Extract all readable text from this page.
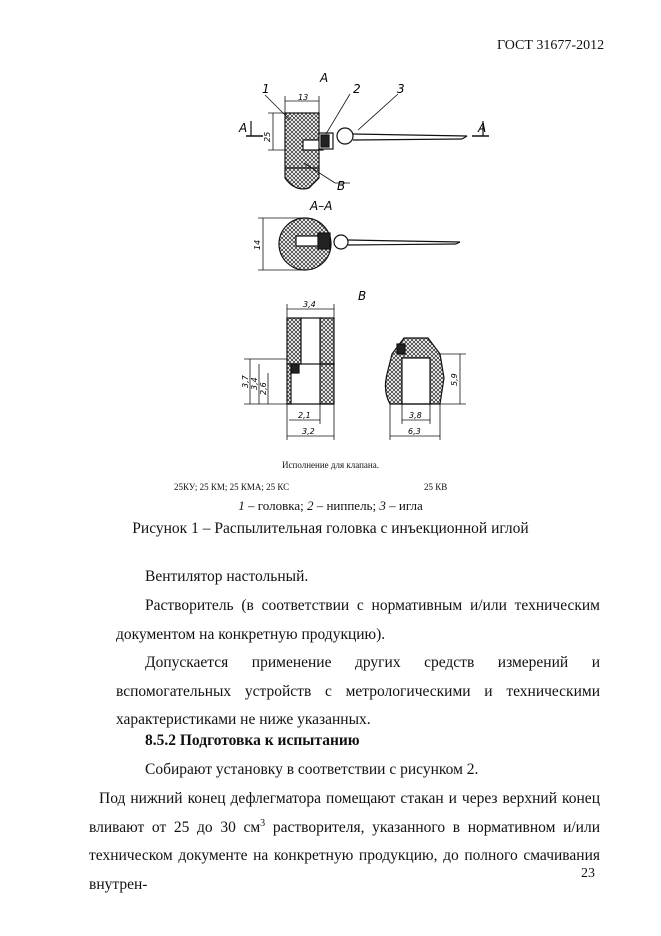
ГОСТ 31677-2012
1	2	3
А
А	А
В
13
25
А–А
14
В
3,4
3,7 3,4 2,6
2,1
3,2
5,9
3,8
6,3
Исполнение для клапана.
25КУ; 25 КМ; 25 КМА; 25 КС	25 КВ
1 – головка; 2 – ниппель; 3 – игла
Рисунок 1 – Распылительная головка с инъекционной иглой
Вентилятор настольный.
Растворитель (в соответствии с нормативным и/или техническим документом на конкретную продукцию).
Допускается применение других средств измерений и вспомогательных устройств с метрологическими и техническими характеристиками не ниже указанных.
8.5.2 Подготовка к испытанию
Собирают установку в соответствии с рисунком 2.
Под нижний конец дефлегматора помещают стакан и через верхний конец вливают от 25 до 30 $см^3$ растворителя, указанного в нормативном и/или техническом документе на конкретную продукцию, до полного смачивания внутрен-
23
